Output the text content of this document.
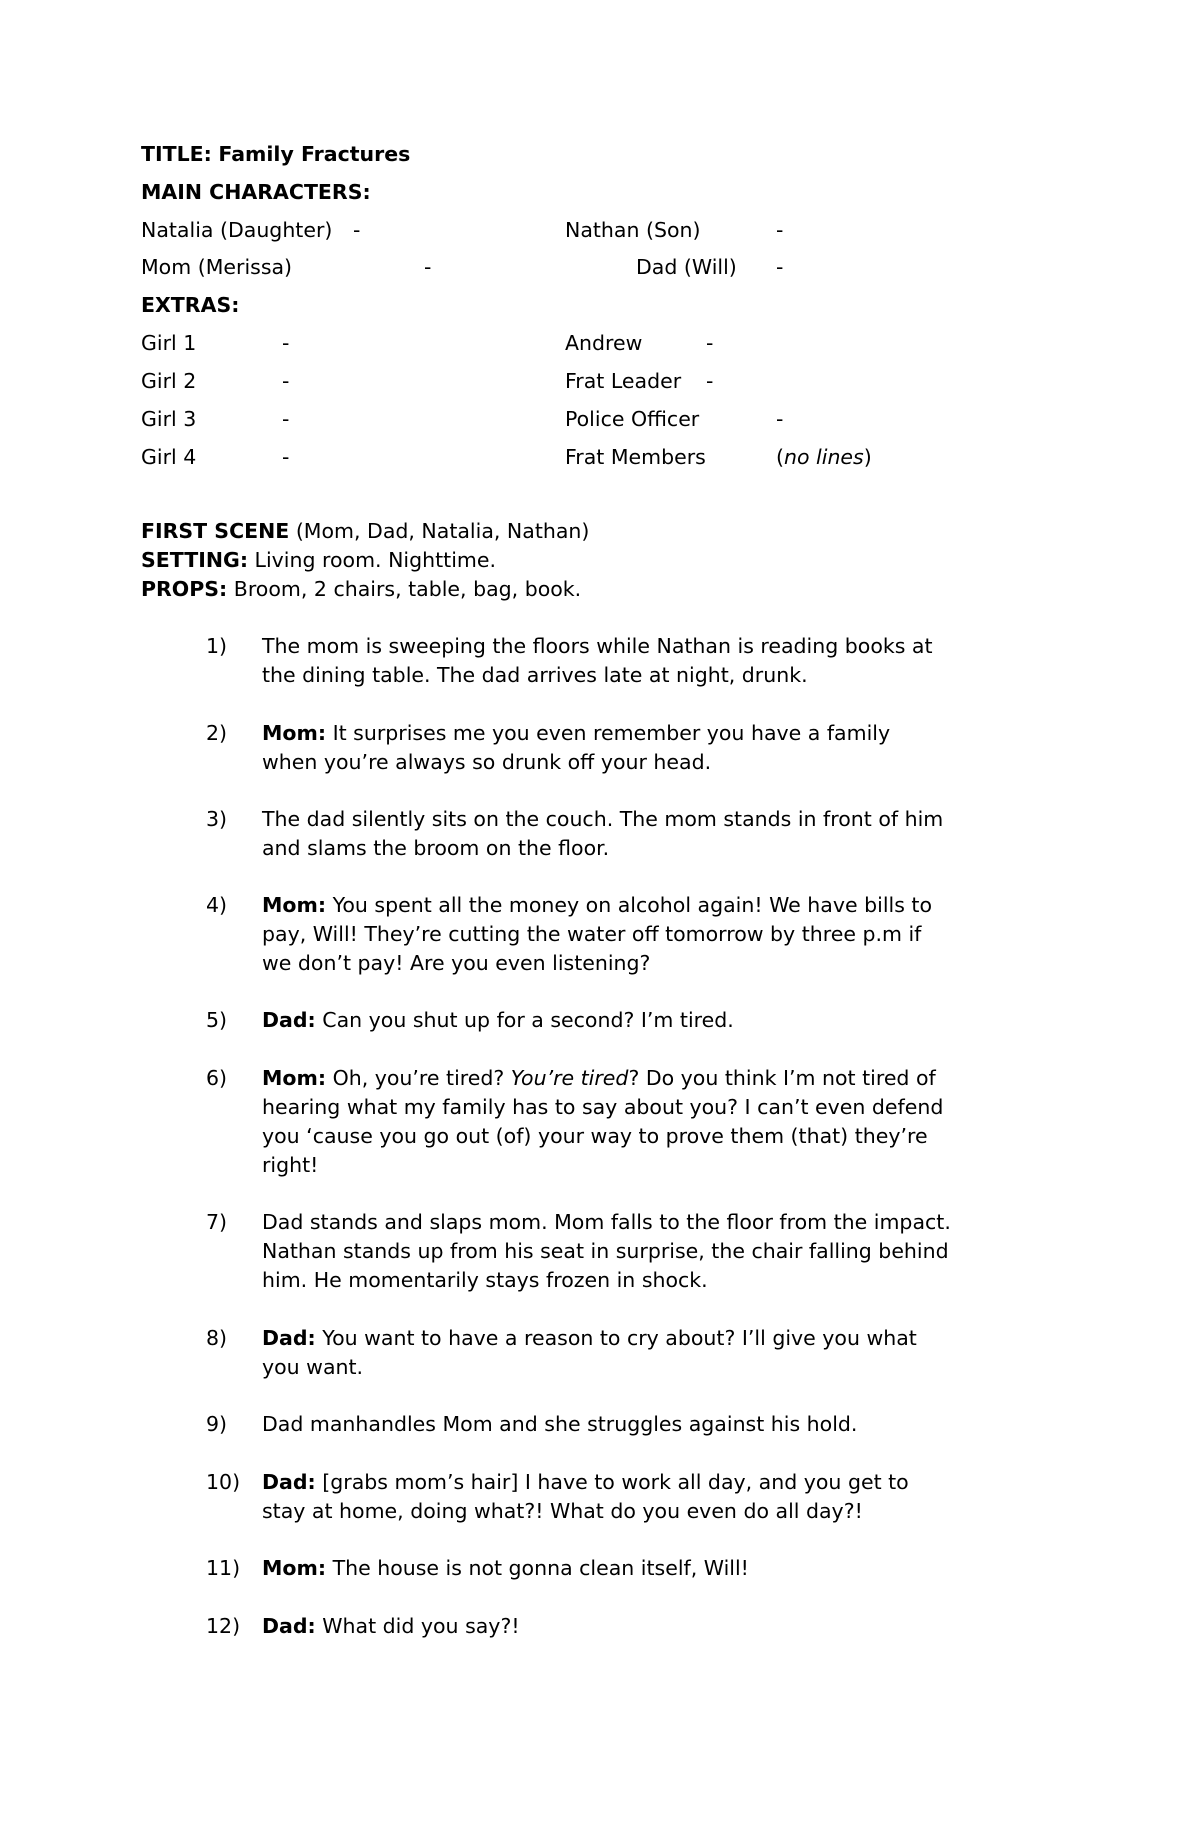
TITLE: Family Fractures
MAIN CHARACTERS:
Natalia (Daughter) -	Nathan (Son)	-
Mom (Merissa)	-	Dad (Will) -
EXTRAS:
Girl 1	-	Andrew	-
Girl 2	-	Frat Leader -
Girl 3	-	Police Officer	-
Girl 4	-	Frat Members	(no lines)
FIRST SCENE (Mom, Dad, Natalia, Nathan)
SETTING: Living room. Nighttime.
PROPS: Broom, 2 chairs, table, bag, book.
1) The mom is sweeping the floors while Nathan is reading books at
the dining table. The dad arrives late at night, drunk.
2) Mom: It surprises me you even remember you have a family
when you’re always so drunk off your head.
3) The dad silently sits on the couch. The mom stands in front of him
and slams the broom on the floor.
4) Mom: You spent all the money on alcohol again! We have bills to
pay, Will! They’re cutting the water off tomorrow by three p.m if
we don’t pay! Are you even listening?
5) Dad: Can you shut up for a second? I’m tired.
6) Mom: Oh, you’re tired? You’re tired? Do you think I’m not tired of
hearing what my family has to say about you? I can’t even defend
you ‘cause you go out (of) your way to prove them (that) they’re
right!
7) Dad stands and slaps mom. Mom falls to the floor from the impact.
Nathan stands up from his seat in surprise, the chair falling behind
him. He momentarily stays frozen in shock.
8) Dad: You want to have a reason to cry about? I’ll give you what
you want.
9) Dad manhandles Mom and she struggles against his hold.
10) Dad: [grabs mom’s hair] I have to work all day, and you get to
stay at home, doing what?! What do you even do all day?!
11) Mom: The house is not gonna clean itself, Will!
12) Dad: What did you say?!
